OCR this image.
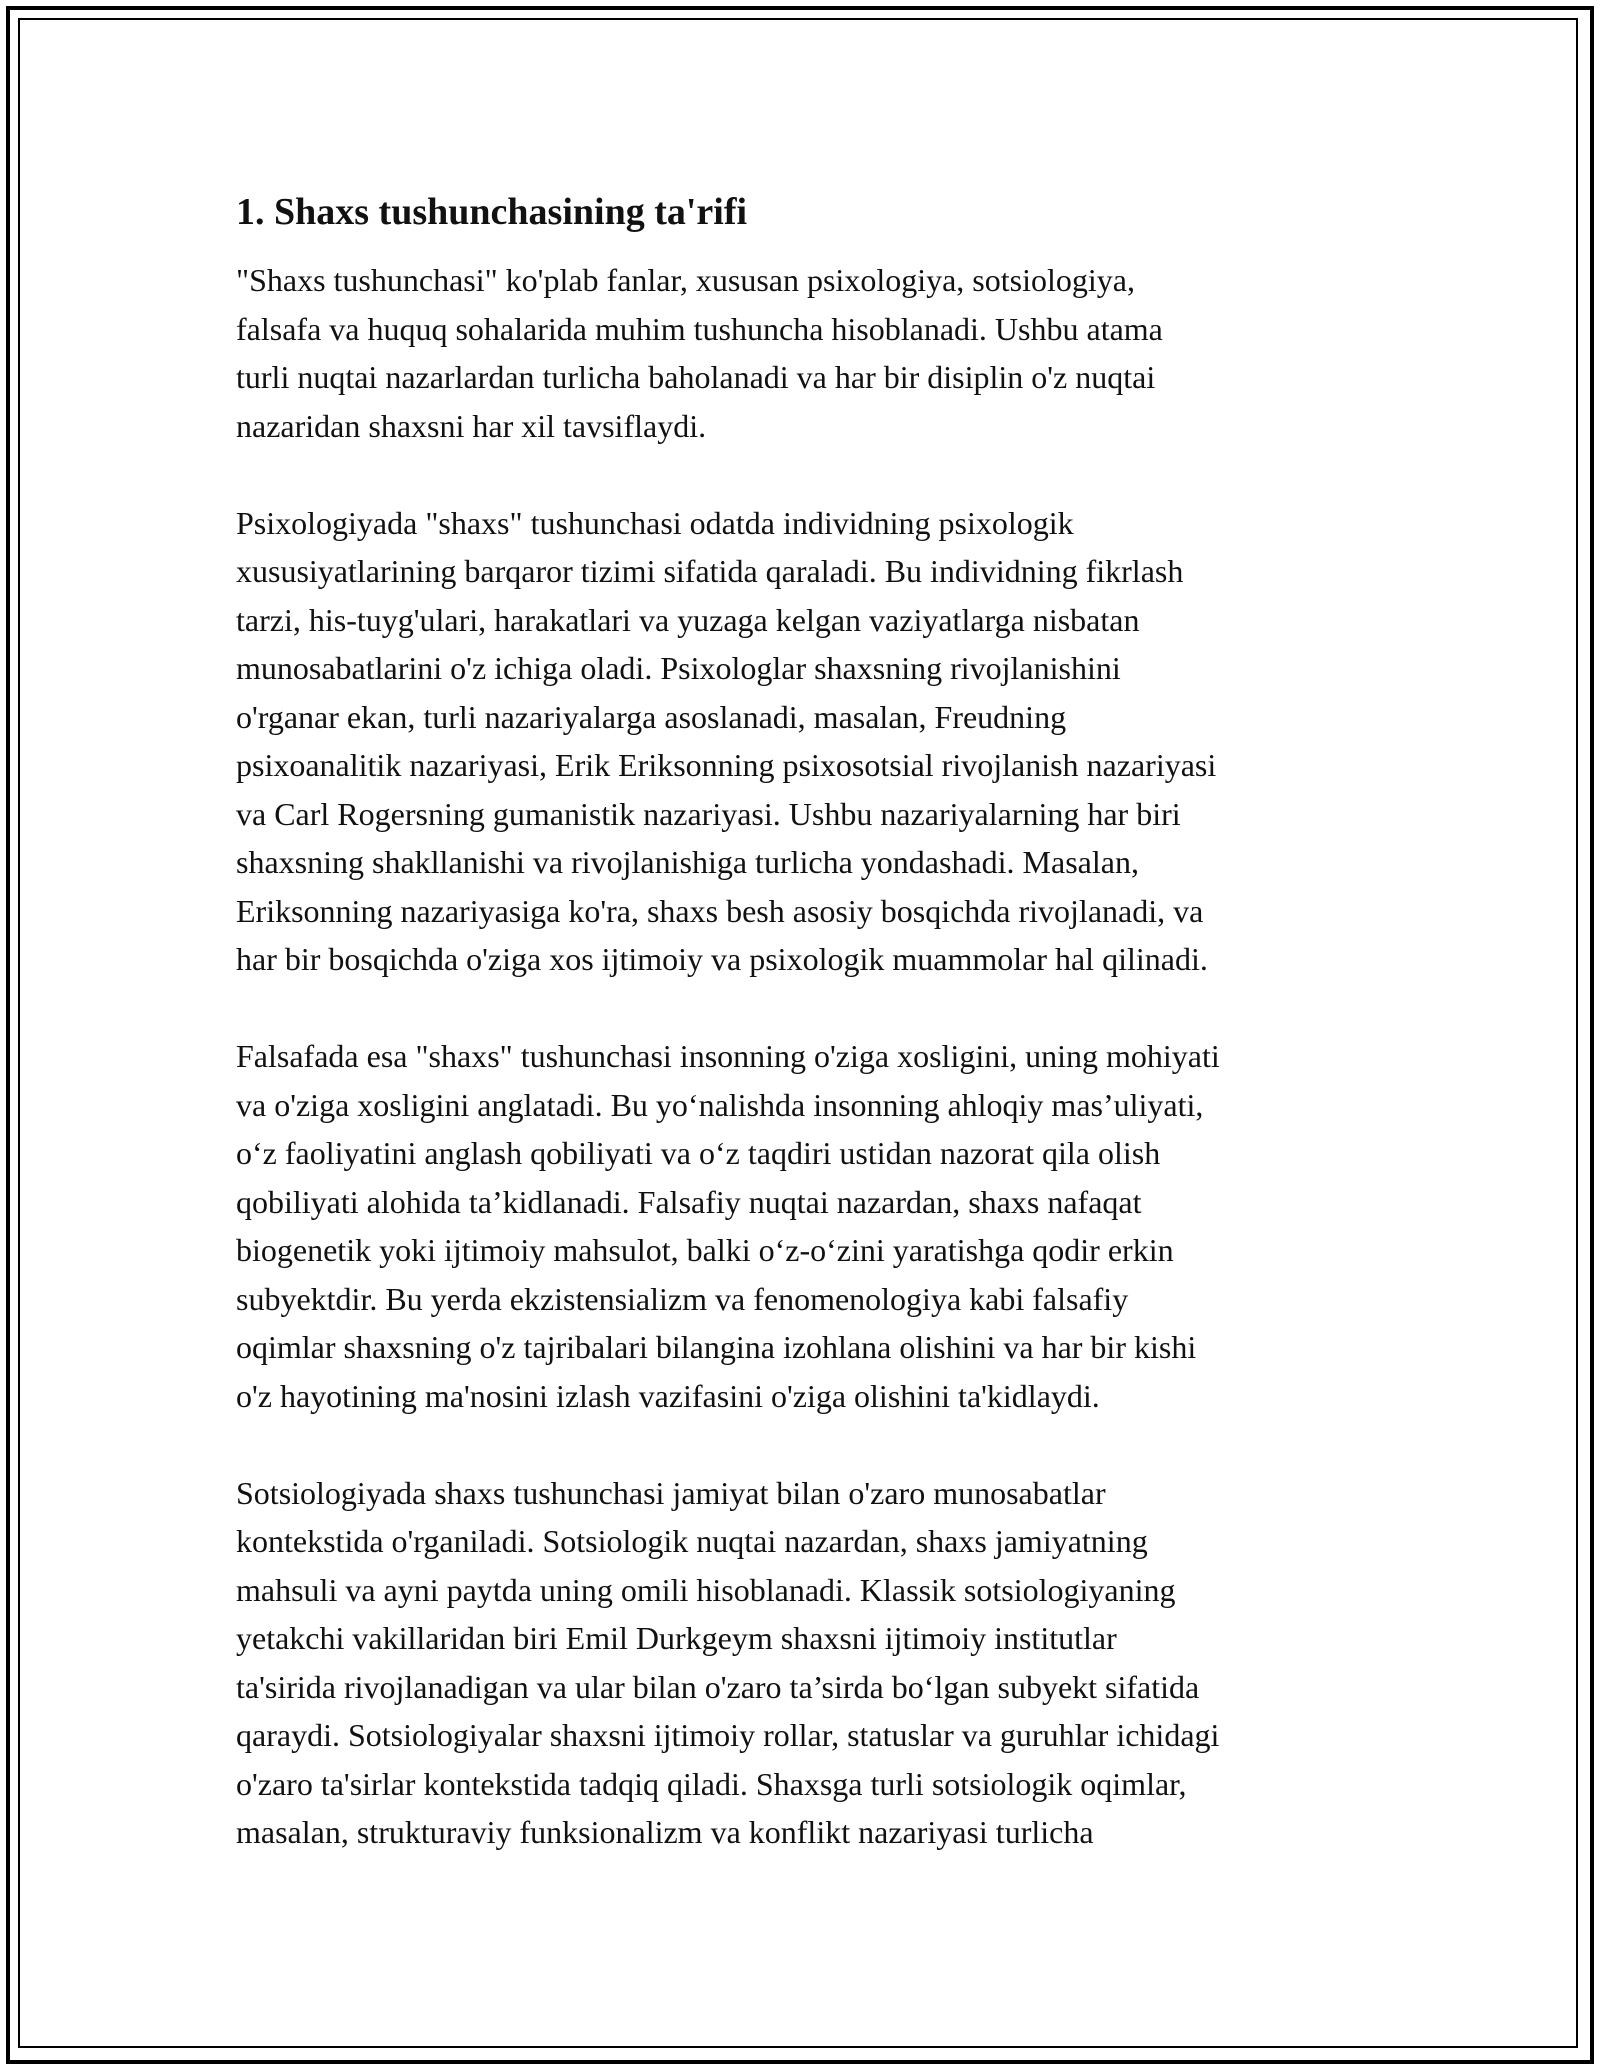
1. Shaxs tushunchasining ta'rifi

"Shaxs tushunchasi" ko'plab fanlar, xususan psixologiya, sotsiologiya,
falsafa va huquq sohalarida muhim tushuncha hisoblanadi. Ushbu atama
turli nuqtai nazarlardan turlicha baholanadi va har bir disiplin o'z nuqtai
nazaridan shaxsni har xil tavsiflaydi.

Psixologiyada "shaxs" tushunchasi odatda individning psixologik
xususiyatlarining barqaror tizimi sifatida qaraladi. Bu individning fikrlash
tarzi, his-tuyg'ulari, harakatlari va yuzaga kelgan vaziyatlarga nisbatan
munosabatlarini o'z ichiga oladi. Psixologlar shaxsning rivojlanishini
o'rganar ekan, turli nazariyalarga asoslanadi, masalan, Freudning
psixoanalitik nazariyasi, Erik Eriksonning psixosotsial rivojlanish nazariyasi
va Carl Rogersning gumanistik nazariyasi. Ushbu nazariyalarning har biri
shaxsning shakllanishi va rivojlanishiga turlicha yondashadi. Masalan,
Eriksonning nazariyasiga ko'ra, shaxs besh asosiy bosqichda rivojlanadi, va
har bir bosqichda o'ziga xos ijtimoiy va psixologik muammolar hal qilinadi.

Falsafada esa "shaxs" tushunchasi insonning o'ziga xosligini, uning mohiyati
va o'ziga xosligini anglatadi. Bu yo‘nalishda insonning ahloqiy mas’uliyati,
o‘z faoliyatini anglash qobiliyati va o‘z taqdiri ustidan nazorat qila olish
qobiliyati alohida ta’kidlanadi. Falsafiy nuqtai nazardan, shaxs nafaqat
biogenetik yoki ijtimoiy mahsulot, balki o‘z-o‘zini yaratishga qodir erkin
subyektdir. Bu yerda ekzistensializm va fenomenologiya kabi falsafiy
oqimlar shaxsning o'z tajribalari bilangina izohlana olishini va har bir kishi
o'z hayotining ma'nosini izlash vazifasini o'ziga olishini ta'kidlaydi.

Sotsiologiyada shaxs tushunchasi jamiyat bilan o'zaro munosabatlar
kontekstida o'rganiladi. Sotsiologik nuqtai nazardan, shaxs jamiyatning
mahsuli va ayni paytda uning omili hisoblanadi. Klassik sotsiologiyaning
yetakchi vakillaridan biri Emil Durkgeym shaxsni ijtimoiy institutlar
ta'sirida rivojlanadigan va ular bilan o'zaro ta’sirda bo‘lgan subyekt sifatida
qaraydi. Sotsiologiyalar shaxsni ijtimoiy rollar, statuslar va guruhlar ichidagi
o'zaro ta'sirlar kontekstida tadqiq qiladi. Shaxsga turli sotsiologik oqimlar,
masalan, strukturaviy funksionalizm va konflikt nazariyasi turlicha
